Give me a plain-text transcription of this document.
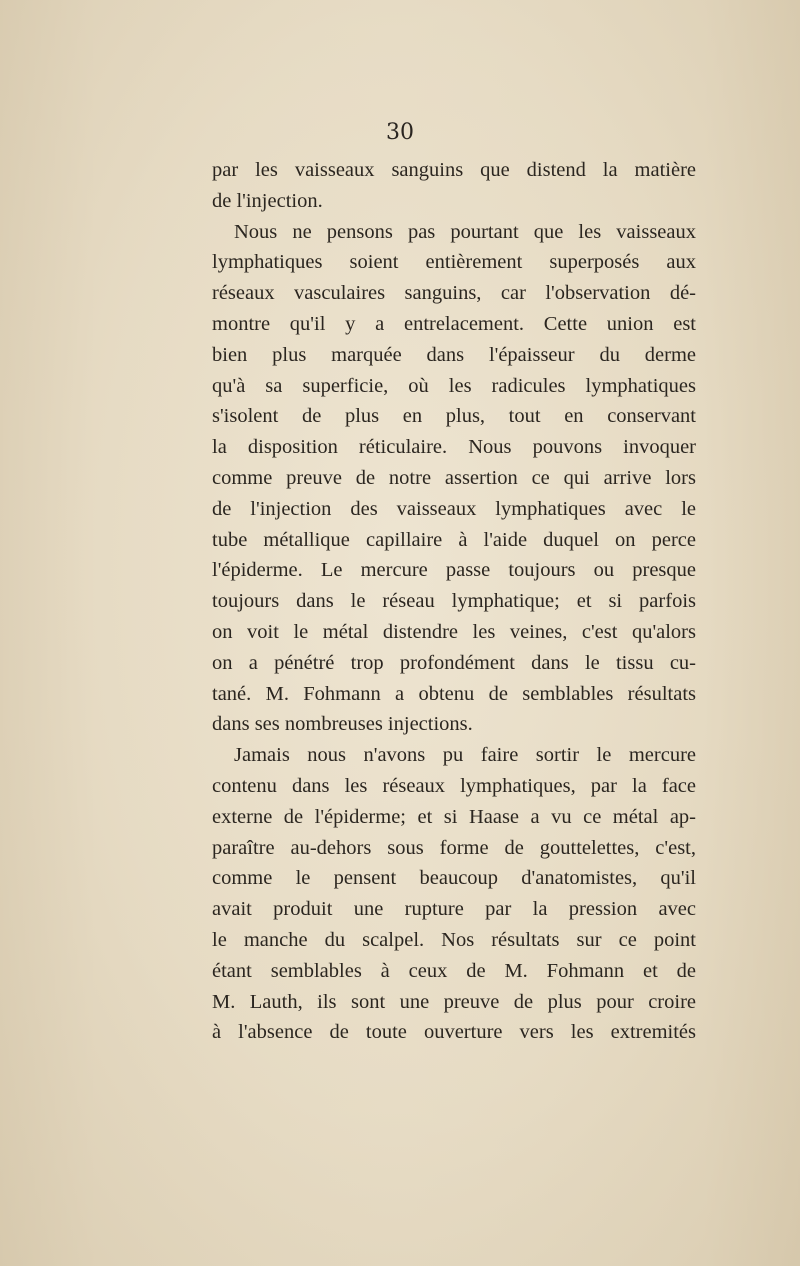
30
par les vaisseaux sanguins que distend la matière
de l'injection.
Nous ne pensons pas pourtant que les vaisseaux
lymphatiques soient entièrement superposés aux
réseaux vasculaires sanguins, car l'observation dé-
montre qu'il y a entrelacement. Cette union est
bien plus marquée dans l'épaisseur du derme
qu'à sa superficie, où les radicules lymphatiques
s'isolent de plus en plus, tout en conservant
la disposition réticulaire. Nous pouvons invoquer
comme preuve de notre assertion ce qui arrive lors
de l'injection des vaisseaux lymphatiques avec le
tube métallique capillaire à l'aide duquel on perce
l'épiderme. Le mercure passe toujours ou presque
toujours dans le réseau lymphatique; et si parfois
on voit le métal distendre les veines, c'est qu'alors
on a pénétré trop profondément dans le tissu cu-
tané. M. Fohmann a obtenu de semblables résultats
dans ses nombreuses injections.
Jamais nous n'avons pu faire sortir le mercure
contenu dans les réseaux lymphatiques, par la face
externe de l'épiderme; et si Haase a vu ce métal ap-
paraître au-dehors sous forme de gouttelettes, c'est,
comme le pensent beaucoup d'anatomistes, qu'il
avait produit une rupture par la pression avec
le manche du scalpel. Nos résultats sur ce point
étant semblables à ceux de M. Fohmann et de
M. Lauth, ils sont une preuve de plus pour croire
à l'absence de toute ouverture vers les extremités
